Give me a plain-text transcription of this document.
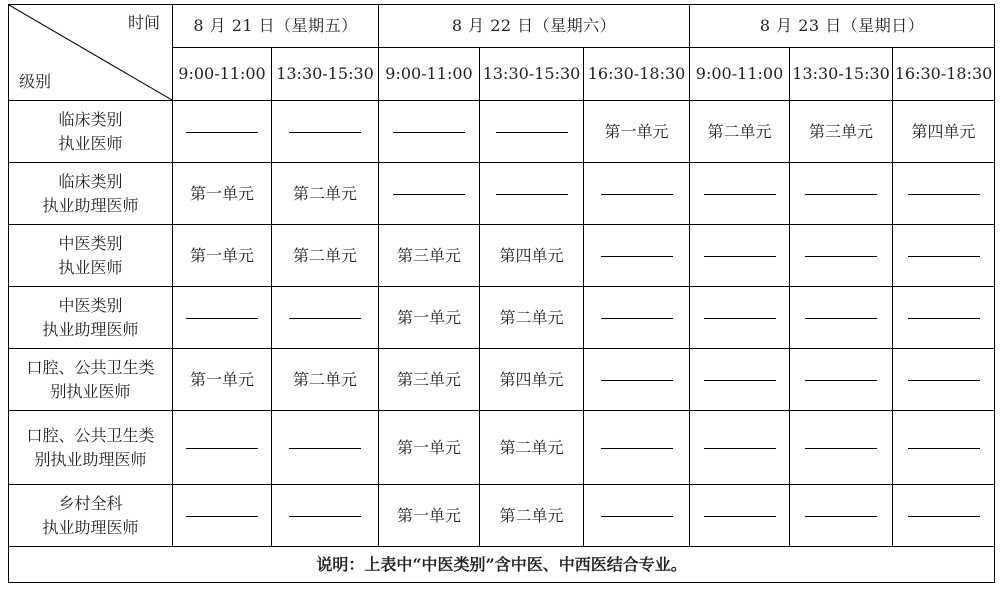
时间
级别	8 月 21 日（星期五）		8 月 22 日（星期六）			8 月 23 日（星期日）		
	9:00-11:00	13:30-15:30	9:00-11:00	13:30-15:30	16:30-18:30	9:00-11:00	13:30-15:30	16:30-18:30

临床类别
执业医师					第一单元	第二单元	第三单元	第四单元

临床类别
执业助理医师	第一单元	第二单元						

中医类别
执业医师	第一单元	第二单元	第三单元	第四单元				

中医类别
执业助理医师			第一单元	第二单元				

口腔、公共卫生类
别执业医师	第一单元	第二单元	第三单元	第四单元				

口腔、公共卫生类
别执业助理医师			第一单元	第二单元				

乡村全科
执业助理医师			第一单元	第二单元				
说明：上表中“中医类别”含中医、中西医结合专业。								
